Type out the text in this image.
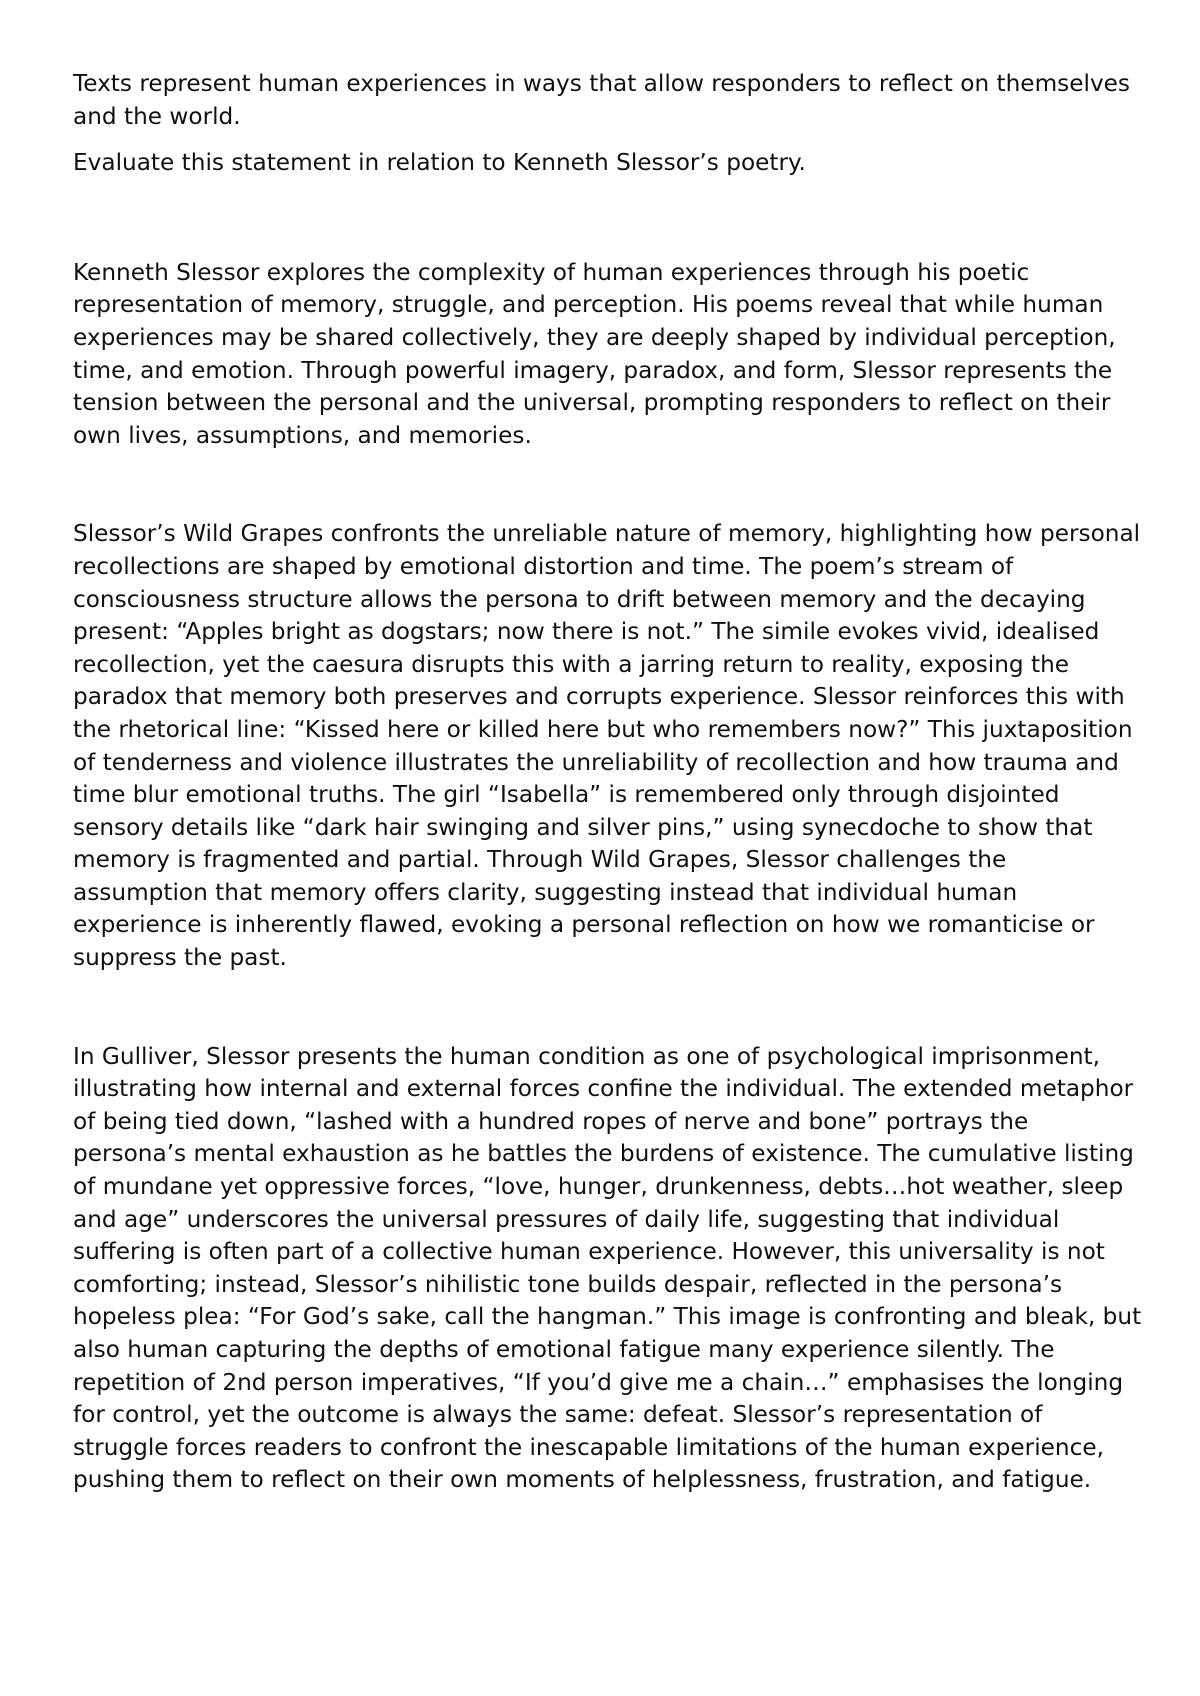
Texts represent human experiences in ways that allow responders to reflect on themselves and the world.

Evaluate this statement in relation to Kenneth Slessor’s poetry.

Kenneth Slessor explores the complexity of human experiences through his poetic representation of memory, struggle, and perception. His poems reveal that while human experiences may be shared collectively, they are deeply shaped by individual perception, time, and emotion. Through powerful imagery, paradox, and form, Slessor represents the tension between the personal and the universal, prompting responders to reflect on their own lives, assumptions, and memories.

Slessor’s Wild Grapes confronts the unreliable nature of memory, highlighting how personal recollections are shaped by emotional distortion and time. The poem’s stream of consciousness structure allows the persona to drift between memory and the decaying present: “Apples bright as dogstars; now there is not.” The simile evokes vivid, idealised recollection, yet the caesura disrupts this with a jarring return to reality, exposing the paradox that memory both preserves and corrupts experience. Slessor reinforces this with the rhetorical line: “Kissed here or killed here but who remembers now?” This juxtaposition of tenderness and violence illustrates the unreliability of recollection and how trauma and time blur emotional truths. The girl “Isabella” is remembered only through disjointed sensory details like “dark hair swinging and silver pins,” using synecdoche to show that memory is fragmented and partial. Through Wild Grapes, Slessor challenges the assumption that memory offers clarity, suggesting instead that individual human experience is inherently flawed, evoking a personal reflection on how we romanticise or suppress the past.

In Gulliver, Slessor presents the human condition as one of psychological imprisonment, illustrating how internal and external forces confine the individual. The extended metaphor of being tied down, “lashed with a hundred ropes of nerve and bone” portrays the persona’s mental exhaustion as he battles the burdens of existence. The cumulative listing of mundane yet oppressive forces, “love, hunger, drunkenness, debts…hot weather, sleep and age” underscores the universal pressures of daily life, suggesting that individual suffering is often part of a collective human experience. However, this universality is not comforting; instead, Slessor’s nihilistic tone builds despair, reflected in the persona’s hopeless plea: “For God’s sake, call the hangman.” This image is confronting and bleak, but also human capturing the depths of emotional fatigue many experience silently. The repetition of 2nd person imperatives, “If you’d give me a chain…” emphasises the longing for control, yet the outcome is always the same: defeat. Slessor’s representation of struggle forces readers to confront the inescapable limitations of the human experience, pushing them to reflect on their own moments of helplessness, frustration, and fatigue.
